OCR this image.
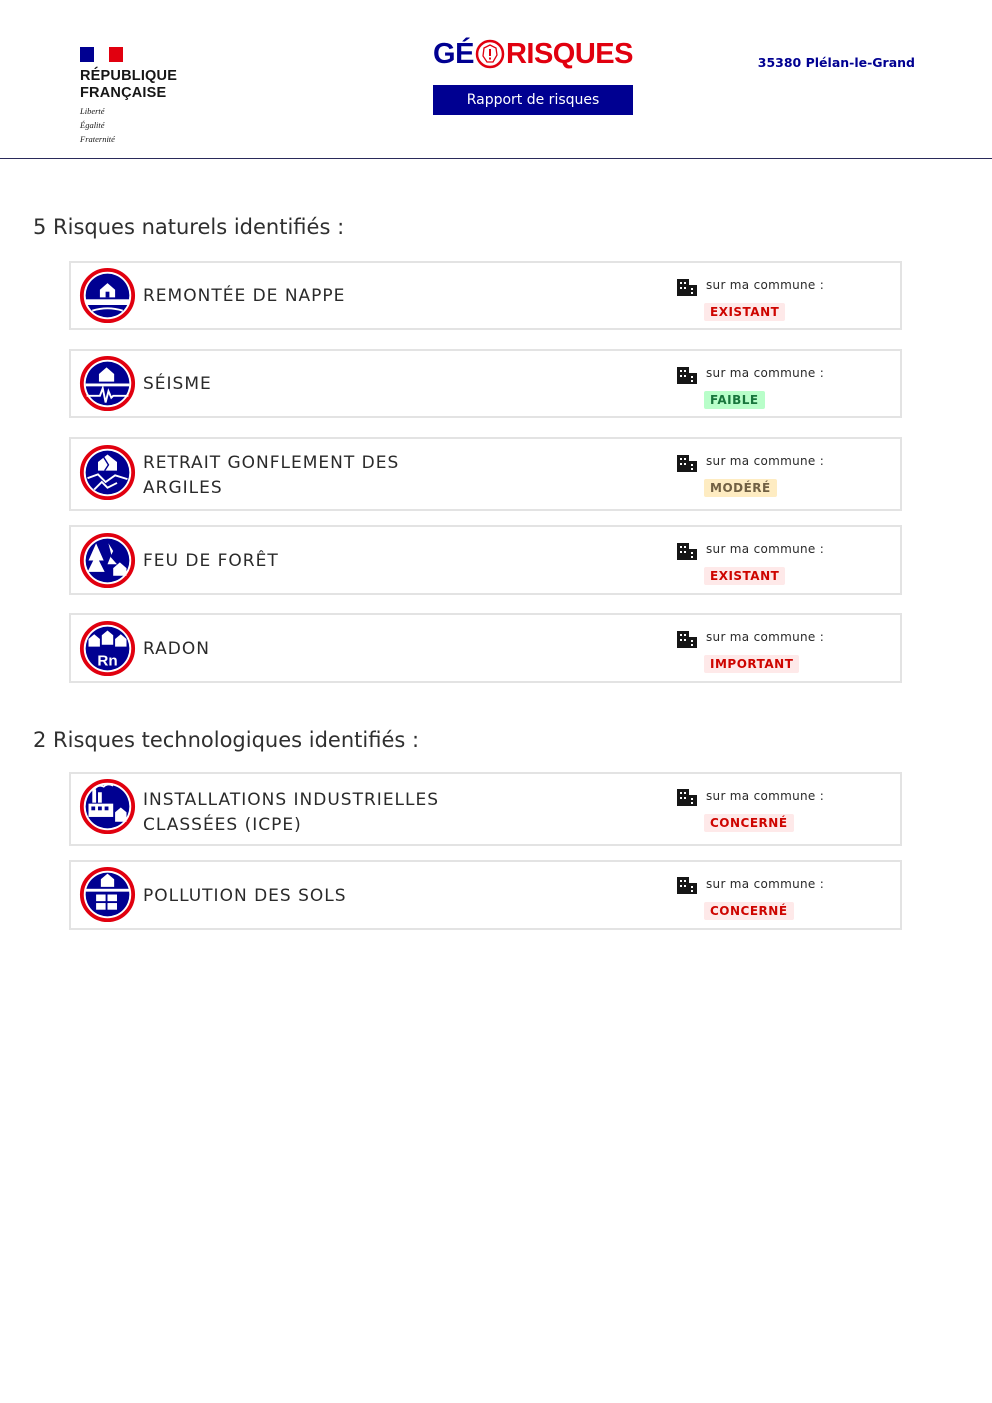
RÉPUBLIQUE
FRANÇAISE
Liberté
Égalité
Fraternité
GÉ RISQUES
Rapport de risques
35380 Plélan-le-Grand
5 Risques naturels identifiés :
REMONTÉE DE NAPPE
sur ma commune :
EXISTANT
SÉISME
sur ma commune :
FAIBLE
RETRAIT GONFLEMENT DES
ARGILES
sur ma commune :
MODÉRÉ
FEU DE FORÊT
sur ma commune :
EXISTANT
Rn
RADON
sur ma commune :
IMPORTANT
2 Risques technologiques identifiés :
INSTALLATIONS INDUSTRIELLES
CLASSÉES (ICPE)
sur ma commune :
CONCERNÉ
POLLUTION DES SOLS
sur ma commune :
CONCERNÉ
